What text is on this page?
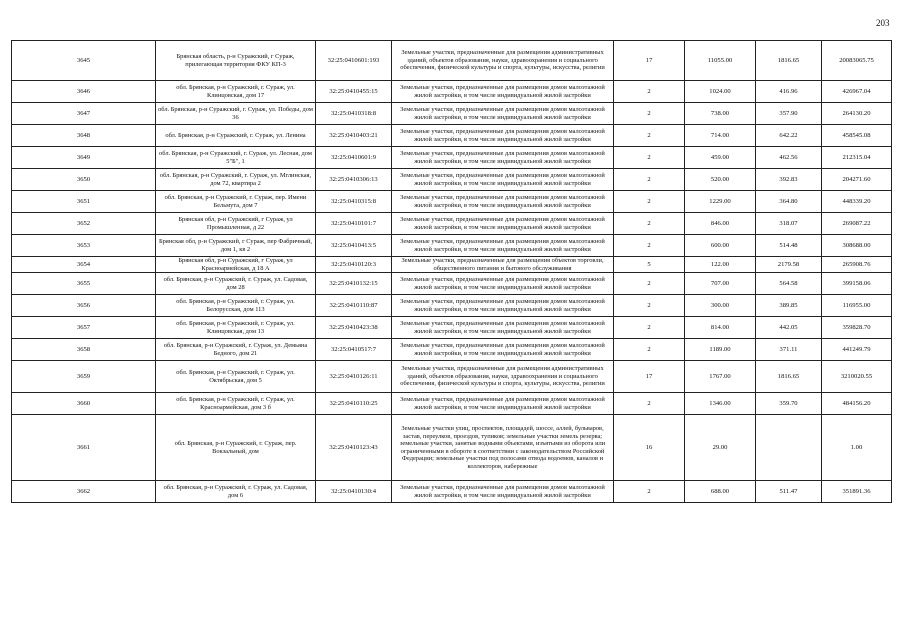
203
3645	Брянская область, р-н Суражский, г Сураж, прилегающая территория ФКУ КП-3	32:25:0410601:193	Земельные участки, предназначенные для размещения административных зданий, объектов образования, науки, здравоохранения и социального обеспечения, физической культуры и спорта, культуры, искусства, религии	17	11055.00	1816.65	20083065.75
3646	обл. Брянская, р-н Суражский, г. Сураж, ул. Клинцовская, дом 17	32:25:0410455:15	Земельные участки, предназначенные для размещения домов малоэтажной жилой застройки, в том числе индивидуальной жилой застройки	2	1024.00	416.96	426967.04
3647	обл. Брянская, р-н Суражский, г. Сураж, ул. Победы, дом 36	32:25:0410318:8	Земельные участки, предназначенные для размещения домов малоэтажной жилой застройки, в том числе индивидуальной жилой застройки	2	738.00	357.90	264130.20
3648	обл. Брянская, р-н Суражский, г. Сураж, ул. Ленина	32:25:0410403:21	Земельные участки, предназначенные для размещения домов малоэтажной жилой застройки, в том числе индивидуальной жилой застройки	2	714.00	642.22	458545.08
3649	обл. Брянская, р-н Суражский, г. Сураж, ул. Лесная, дом 5"Б", 1	32:25:0410601:9	Земельные участки, предназначенные для размещения домов малоэтажной жилой застройки, в том числе индивидуальной жилой застройки	2	459.00	462.56	212315.04
3650	обл. Брянская, р-н Суражский, г. Сураж, ул. Мглинская, дом 72, квартира 2	32:25:0410306:13	Земельные участки, предназначенные для размещения домов малоэтажной жилой застройки, в том числе индивидуальной жилой застройки	2	520.00	392.83	204271.60
3651	обл. Брянская, р-н Суражский, г. Сураж, пер. Имени Бельмута, дом 7	32:25:0410315:8	Земельные участки, предназначенные для размещения домов малоэтажной жилой застройки, в том числе индивидуальной жилой застройки	2	1229.00	364.80	448339.20
3652	Брянская обл, р-н Суражский, г Сураж, ул Промышленная, д 22	32:25:0410101:7	Земельные участки, предназначенные для размещения домов малоэтажной жилой застройки, в том числе индивидуальной жилой застройки	2	846.00	318.07	269087.22
3653	Брянская обл, р-н Суражский, г Сураж, пер Фабричный, дом 1, кв 2	32:25:0410413:5	Земельные участки, предназначенные для размещения домов малоэтажной жилой застройки, в том числе индивидуальной жилой застройки	2	600.00	514.48	308688.00
3654	Брянская обл, р-н Суражский, г Сураж, ул Красноармейская, д 18 А	32:25:0410120:3	Земельные участки, предназначенные для размещения объектов торговли, общественного питания и бытового обслуживания	5	122.00	2179.58	265908.76
3655	обл. Брянская, р-н Суражский, г. Сураж, ул. Садовая, дом 28	32:25:0410132:15	Земельные участки, предназначенные для размещения домов малоэтажной жилой застройки, в том числе индивидуальной жилой застройки	2	707.00	564.58	399158.06
3656	обл. Брянская, р-н Суражский, г. Сураж, ул. Белорусская, дом 113	32:25:0410110:87	Земельные участки, предназначенные для размещения домов малоэтажной жилой застройки, в том числе индивидуальной жилой застройки	2	300.00	389.85	116955.00
3657	обл. Брянская, р-н Суражский, г. Сураж, ул. Клинцовская, дом 13	32:25:0410423:38	Земельные участки, предназначенные для размещения домов малоэтажной жилой застройки, в том числе индивидуальной жилой застройки	2	814.00	442.05	359828.70
3658	обл. Брянская, р-н Суражский, г. Сураж, ул. Демьяна Бедного, дом 21	32:25:0410517:7	Земельные участки, предназначенные для размещения домов малоэтажной жилой застройки, в том числе индивидуальной жилой застройки	2	1189.00	371.11	441249.79
3659	обл. Брянская, р-н Суражский, г. Сураж, ул. Октябрьская, дом 5	32:25:0410126:11	Земельные участки, предназначенные для размещения административных зданий, объектов образования, науки, здравоохранения и социального обеспечения, физической культуры и спорта, культуры, искусства, религии	17	1767.00	1816.65	3210020.55
3660	обл. Брянская, р-н Суражский, г. Сураж, ул. Красноармейская, дом 3 б	32:25:0410110:25	Земельные участки, предназначенные для размещения домов малоэтажной жилой застройки, в том числе индивидуальной жилой застройки	2	1346.00	359.70	484156.20
3661	обл. Брянская, р-н Суражский, г. Сураж, пер. Вокзальный, дом	32:25:0410123:43	Земельные участки улиц, проспектов, площадей, шоссе, аллей, бульваров, застав, переулков, проездов, тупиков; земельные участки земель резерва; земельные участки, занятые водными объектами, изъятыми из оборота или ограниченными в обороте в соответствии с законодательством Российской Федерации; земельные участки под полосами отвода водоемов, каналов и коллекторов, набережные	16	29.00		1.00
3662	обл. Брянская, р-н Суражский, г. Сураж, ул. Садовая, дом 6	32:25:0410130:4	Земельные участки, предназначенные для размещения домов малоэтажной жилой застройки, в том числе индивидуальной жилой застройки	2	688.00	511.47	351891.36
